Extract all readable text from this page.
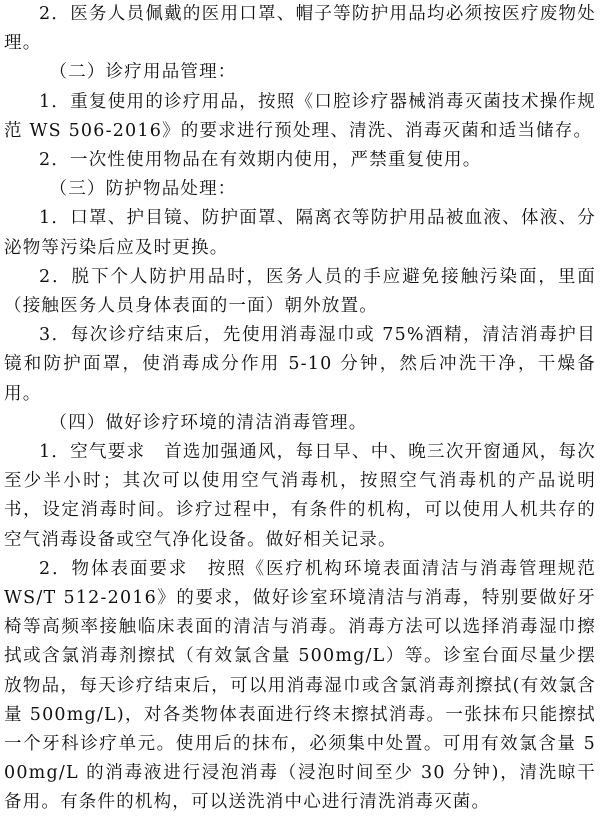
2．医务人员佩戴的医用口罩、帽子等防护用品均必须按医疗废物处理。

（二）诊疗用品管理：

1．重复使用的诊疗用品，按照《口腔诊疗器械消毒灭菌技术操作规范 WS 506-2016》的要求进行预处理、清洗、消毒灭菌和适当储存。

2．一次性使用物品在有效期内使用，严禁重复使用。

（三）防护物品处理：

1．口罩、护目镜、防护面罩、隔离衣等防护用品被血液、体液、分泌物等污染后应及时更换。

2．脱下个人防护用品时，医务人员的手应避免接触污染面，里面（接触医务人员身体表面的一面）朝外放置。

3．每次诊疗结束后，先使用消毒湿巾或 75%酒精，清洁消毒护目镜和防护面罩，使消毒成分作用 5-10 分钟，然后冲洗干净，干燥备用。

（四）做好诊疗环境的清洁消毒管理。

1．空气要求　首选加强通风，每日早、中、晚三次开窗通风，每次至少半小时；其次可以使用空气消毒机，按照空气消毒机的产品说明书，设定消毒时间。诊疗过程中，有条件的机构，可以使用人机共存的空气消毒设备或空气净化设备。做好相关记录。

2．物体表面要求　按照《医疗机构环境表面清洁与消毒管理规范 WS/T 512-2016》的要求，做好诊室环境清洁与消毒，特别要做好牙椅等高频率接触临床表面的清洁与消毒。消毒方法可以选择消毒湿巾擦拭或含氯消毒剂擦拭（有效氯含量 500mg/L）等。诊室台面尽量少摆放物品，每天诊疗结束后，可以用消毒湿巾或含氯消毒剂擦拭(有效氯含量 500mg/L)，对各类物体表面进行终末擦拭消毒。一张抹布只能擦拭一个牙科诊疗单元。使用后的抹布，必须集中处置。可用有效氯含量 500mg/L 的消毒液进行浸泡消毒（浸泡时间至少 30 分钟)，清洗晾干备用。有条件的机构，可以送洗消中心进行清洗消毒灭菌。
